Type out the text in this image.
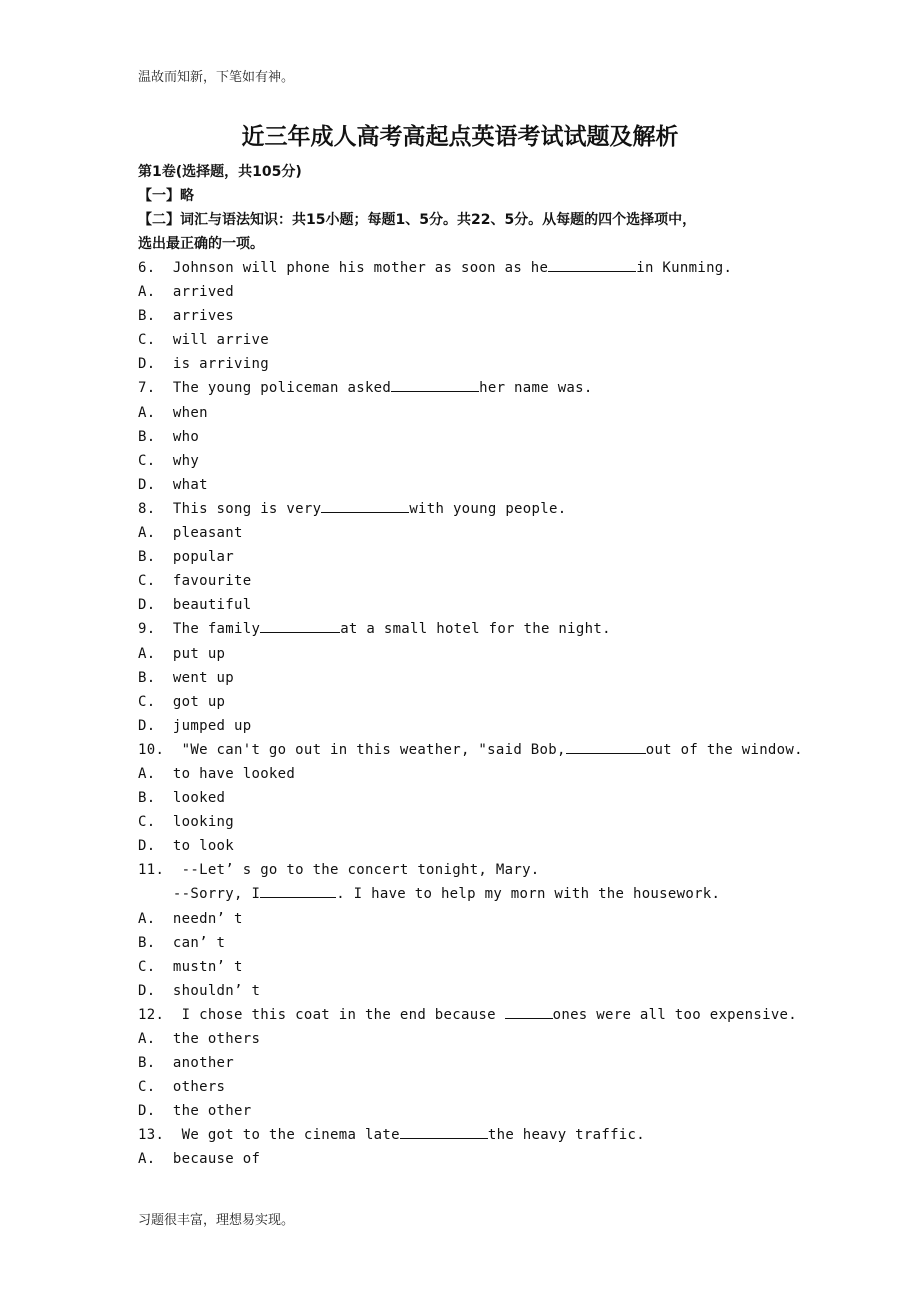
温故而知新，下笔如有神。
近三年成人高考高起点英语考试试题及解析
第1卷(选择题，共105分)
【一】略
【二】词汇与语法知识：共15小题；每题1、5分。共22、5分。从每题的四个选择项中，
选出最正确的一项。
6.  Johnson will phone his mother as soon as he	in Kunming.
A.  arrived
B.  arrives
C.  will arrive
D.  is arriving
7.  The young policeman asked	her name was.
A.  when
B.  who
C.  why
D.  what
8.  This song is very	with young people.
A.  pleasant
B.  popular
C.  favourite
D.  beautiful
9.  The family	at a small hotel for the night.
A.  put up
B.  went up
C.  got up
D.  jumped up
10.  "We can't go out in this weather, "said Bob,	out of the window.
A.  to have looked
B.  looked
C.  looking
D.  to look
11.  --Let’ s go to the concert tonight, Mary.
--Sorry, I	. I have to help my morn with the housework.
A.  needn’ t
B.  can’ t
C.  mustn’ t
D.  shouldn’ t
12.  I chose this coat in the end because	ones were all too expensive.
A.  the others
B.  another
C.  others
D.  the other
13.  We got to the cinema late	the heavy traffic.
A.  because of
习题很丰富，理想易实现。
